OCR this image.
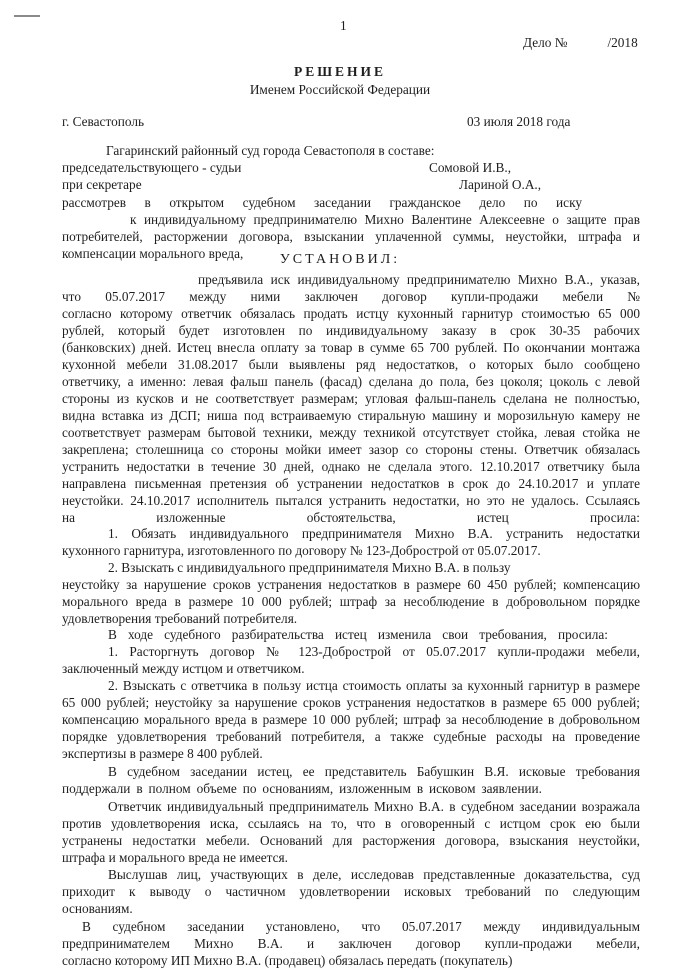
1
Дело №	/2018
РЕШЕНИЕ
Именем Российской Федерации
г. Севастополь	03 июля 2018 года
Гагаринский районный суд города Севастополя в составе:
председательствующего - судьи	Сомовой И.В.,
при секретаре	Лариной О.А.,
рассмотрев в открытом судебном заседании гражданское дело по иску
к индивидуальному предпринимателю Михно Валентине Алексеевне о защите прав
потребителей, расторжении договора, взыскании уплаченной суммы, неустойки, штрафа и
компенсации морального вреда,	УСТАНОВИЛ:
предъявила иск индивидуальному предпринимателю Михно В.А., указав,
что 05.07.2017 между ними заключен договор купли-продажи мебели №
согласно которому ответчик обязалась продать истцу кухонный гарнитур стоимостью 65 000
рублей, который будет изготовлен по индивидуальному заказу в срок 30-35 рабочих
(банковских) дней. Истец внесла оплату за товар в сумме 65 700 рублей. По окончании монтажа
кухонной мебели 31.08.2017 были выявлены ряд недостатков, о которых было сообщено
ответчику, а именно: левая фальш панель (фасад) сделана до пола, без цоколя; цоколь с левой
стороны из кусков и не соответствует размерам; угловая фальш-панель сделана не полностью,
видна вставка из ДСП; ниша под встраиваемую стиральную машину и морозильную камеру не
соответствует размерам бытовой техники, между техникой отсутствует стойка, левая стойка не
закреплена; столешница со стороны мойки имеет зазор со стороны стены. Ответчик обязалась
устранить недостатки в течение 30 дней, однако не сделала этого. 12.10.2017 ответчику была
направлена письменная претензия об устранении недостатков в срок до 24.10.2017 и уплате
неустойки. 24.10.2017 исполнитель пытался устранить недостатки, но это не удалось. Ссылаясь
на изложенные обстоятельства, истец просила:
1. Обязать индивидуального предпринимателя Михно В.А. устранить недостатки
кухонного гарнитура, изготовленного по договору № 123-Добрострой от 05.07.2017.
2. Взыскать с индивидуального предпринимателя Михно В.А. в пользу
неустойку за нарушение сроков устранения недостатков в размере 60 450 рублей; компенсацию
морального вреда в размере 10 000 рублей; штраф за несоблюдение в добровольном порядке
удовлетворения требований потребителя.
В ходе судебного разбирательства истец изменила свои требования, просила:
1. Расторгнуть договор № 123-Добрострой от 05.07.2017 купли-продажи мебели,
заключенный между истцом и ответчиком.
2. Взыскать с ответчика в пользу истца стоимость оплаты за кухонный гарнитур в размере
65 000 рублей; неустойку за нарушение сроков устранения недостатков в размере 65 000 рублей;
компенсацию морального вреда в размере 10 000 рублей; штраф за несоблюдение в добровольном
порядке удовлетворения требований потребителя, а также судебные расходы на проведение
экспертизы в размере 8 400 рублей.
В судебном заседании истец, ее представитель Бабушкин В.Я. исковые требования
поддержали в полном объеме по основаниям, изложенным в исковом заявлении.
Ответчик индивидуальный предприниматель Михно В.А. в судебном заседании возражала
против удовлетворения иска, ссылаясь на то, что в оговоренный с истцом срок ею были
устранены недостатки мебели. Оснований для расторжения договора, взыскания неустойки,
штрафа и морального вреда не имеется.
Выслушав лиц, участвующих в деле, исследовав представленные доказательства, суд
приходит к выводу о частичном удовлетворении исковых требований по следующим
основаниям.
В судебном заседании установлено, что 05.07.2017 между индивидуальным
предпринимателем Михно В.А. и заключен договор купли-продажи мебели,
согласно которому ИП Михно В.А. (продавец) обязалась передать (покупатель)
